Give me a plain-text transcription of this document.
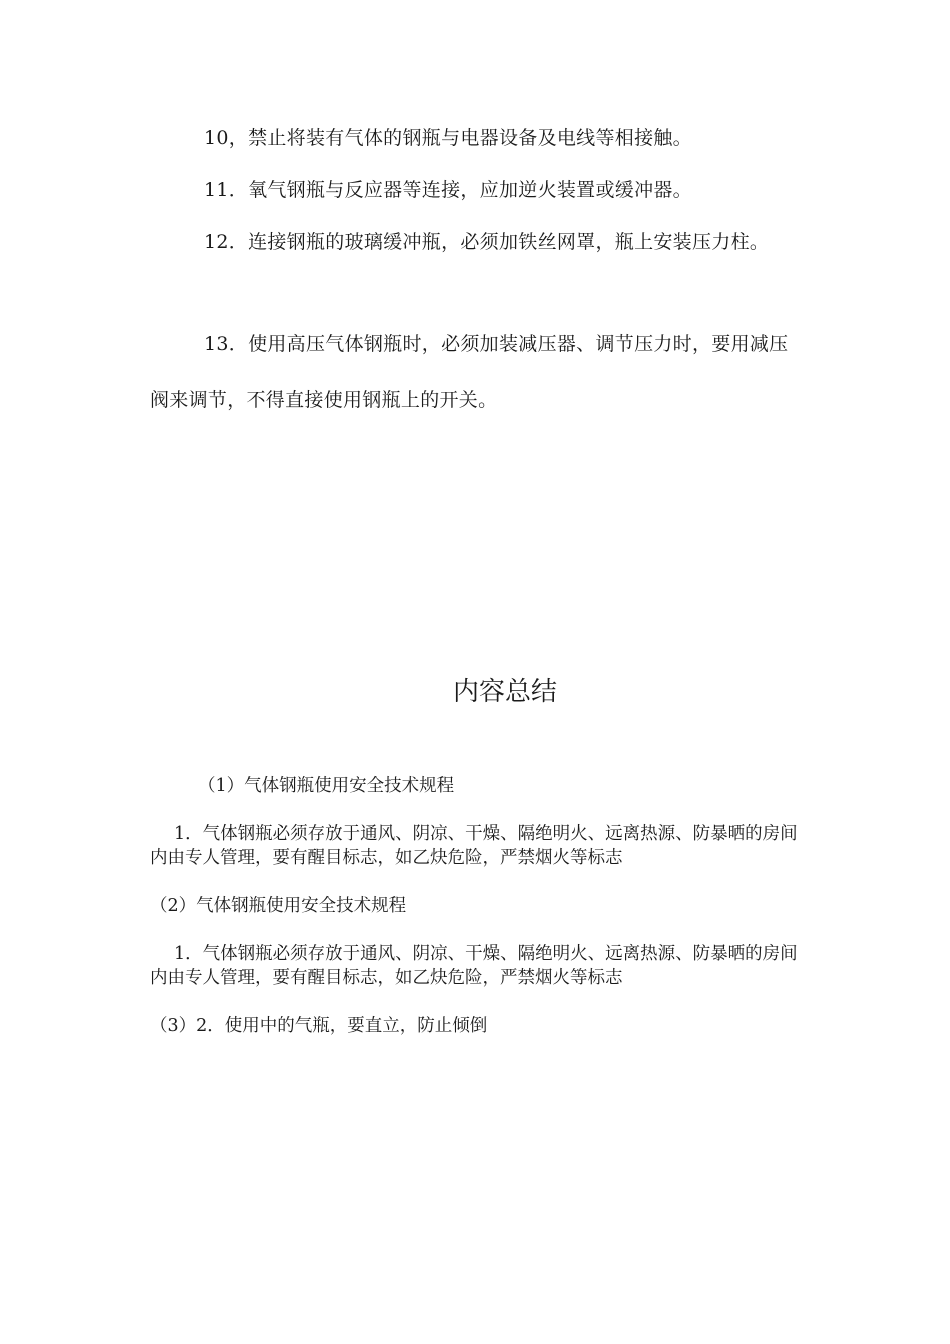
10，禁止将装有气体的钢瓶与电器设备及电线等相接触。

11．氧气钢瓶与反应器等连接，应加逆火装置或缓冲器。

12．连接钢瓶的玻璃缓冲瓶，必须加铁丝网罩，瓶上安装压力柱。

13．使用高压气体钢瓶时，必须加装减压器、调节压力时，要用减压阀来调节，不得直接使用钢瓶上的开关。

内容总结

（1）气体钢瓶使用安全技术规程

1．气体钢瓶必须存放于通风、阴凉、干燥、隔绝明火、远离热源、防暴晒的房间内由专人管理，要有醒目标志，如乙炔危险，严禁烟火等标志

（2）气体钢瓶使用安全技术规程

1．气体钢瓶必须存放于通风、阴凉、干燥、隔绝明火、远离热源、防暴晒的房间内由专人管理，要有醒目标志，如乙炔危险，严禁烟火等标志

（3）2．使用中的气瓶，要直立，防止倾倒
